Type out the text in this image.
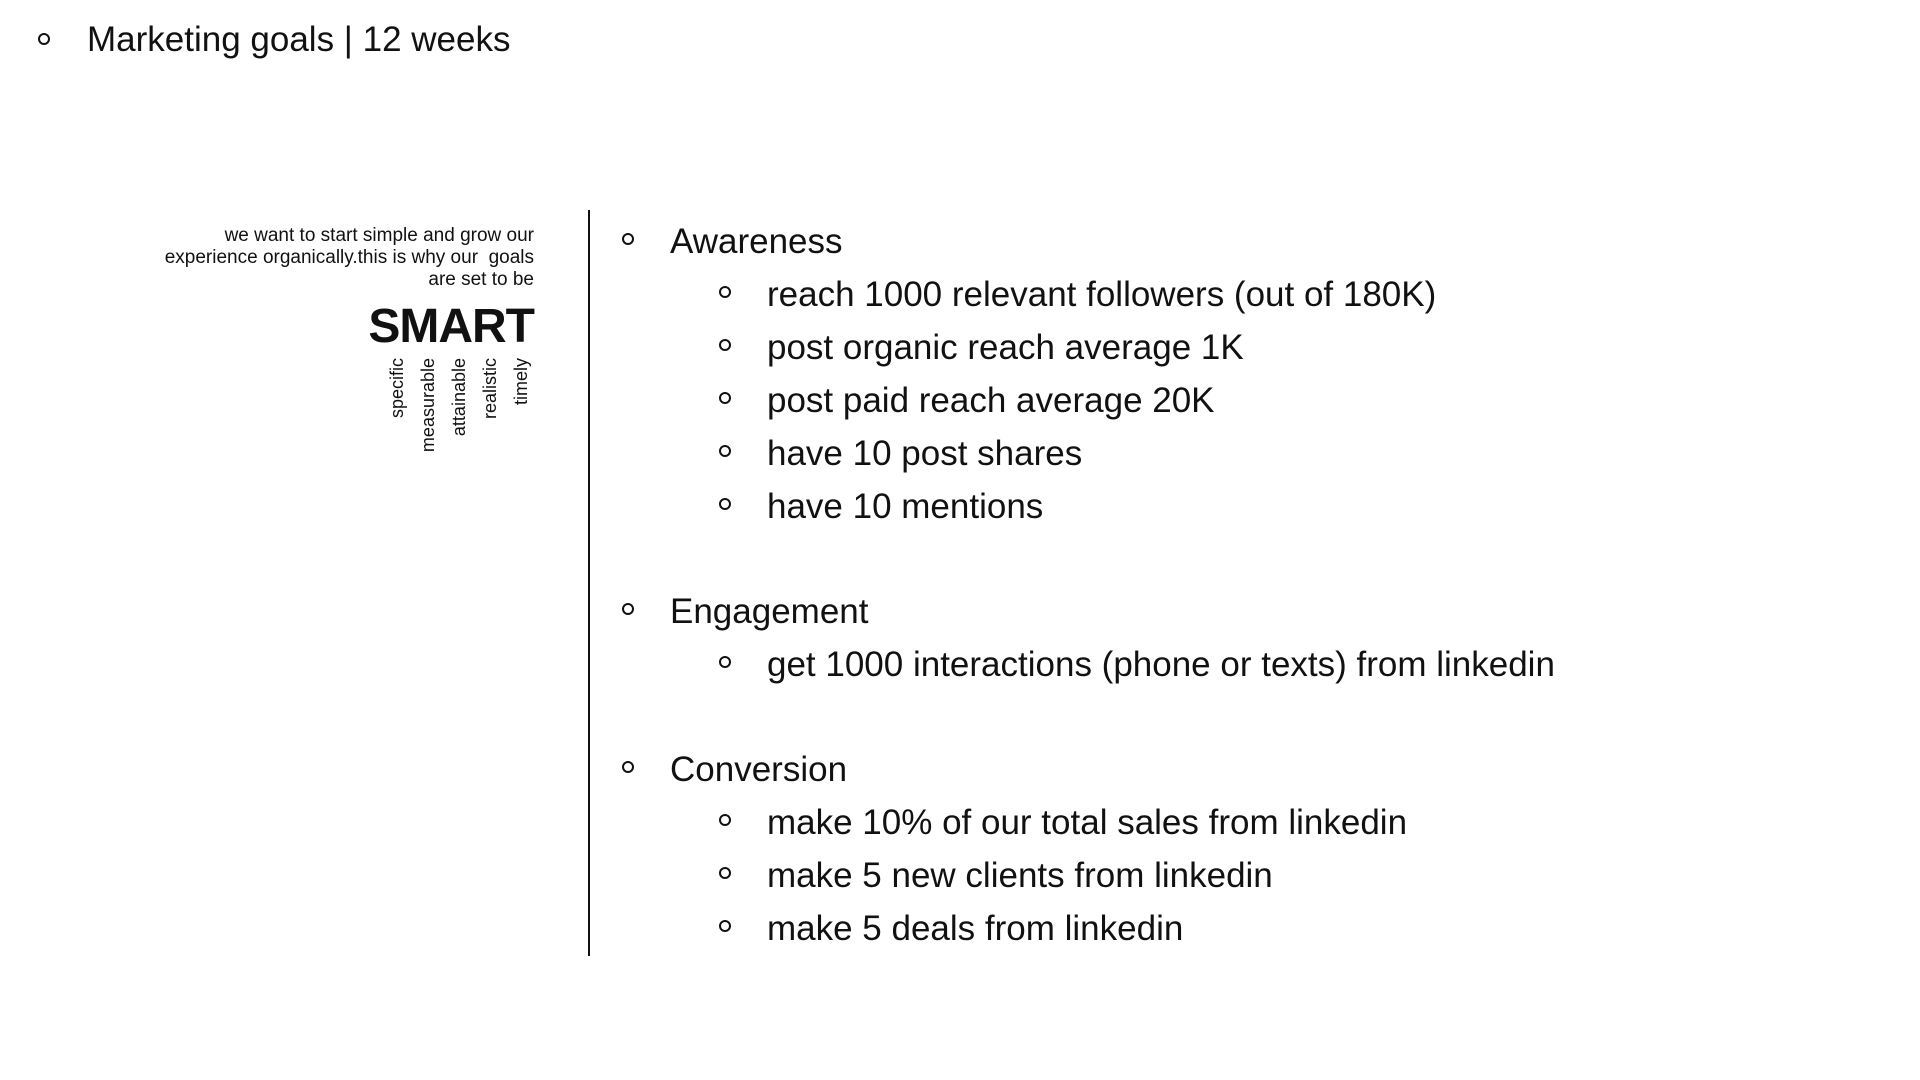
Marketing goals | 12 weeks
we want to start simple and grow our
experience organically.this is why our  goals
are set to be
SMART
specific measurable attainable realistic timely
Awareness
reach 1000 relevant followers (out of 180K)
post organic reach average 1K
post paid reach average 20K
have 10 post shares
have 10 mentions
Engagement
get 1000 interactions (phone or texts) from linkedin
Conversion
make 10% of our total sales from linkedin
make 5 new clients from linkedin
make 5 deals from linkedin
